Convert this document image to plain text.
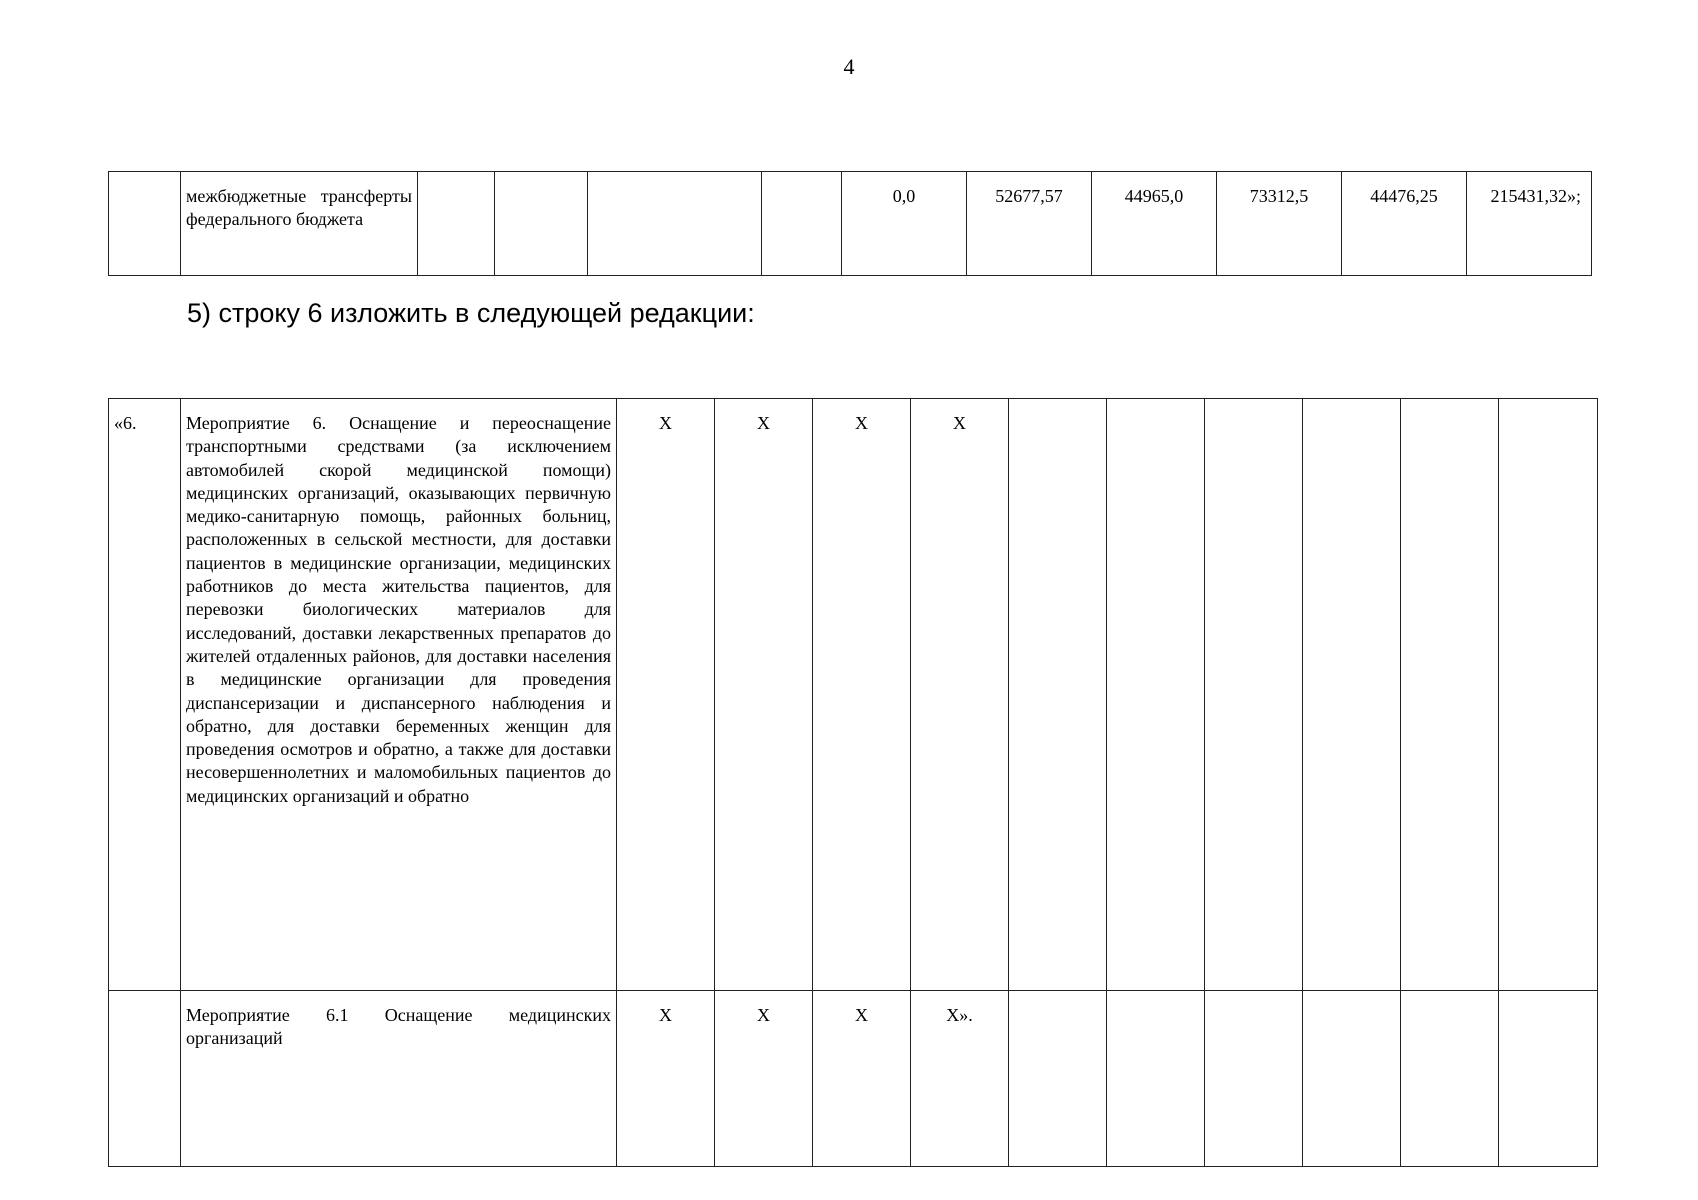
4
	межбюджетные трансферты федерального бюджета					0,0	52677,57	44965,0	73312,5	44476,25	215431,32»;
5) строку 6 изложить в следующей редакции:
«6.	Мероприятие 6. Оснащение и переоснащение транспортными средствами (за исключением автомобилей скорой медицинской помощи) медицинских организаций, оказывающих первичную медико-санитарную помощь, районных больниц, расположенных в сельской местности, для доставки пациентов в медицинские организации, медицинских работников до места жительства пациентов, для перевозки биологических материалов для исследований, доставки лекарственных препаратов до жителей отдаленных районов, для доставки населения в медицинские организации для проведения диспансеризации и диспансерного наблюдения и обратно, для доставки беременных женщин для проведения осмотров и обратно, а также для доставки несовершеннолетних и маломобильных пациентов до медицинских организаций и обратно	X	X	X	X						
	Мероприятие 6.1 Оснащение медицинских организаций	X	X	X	X».						
